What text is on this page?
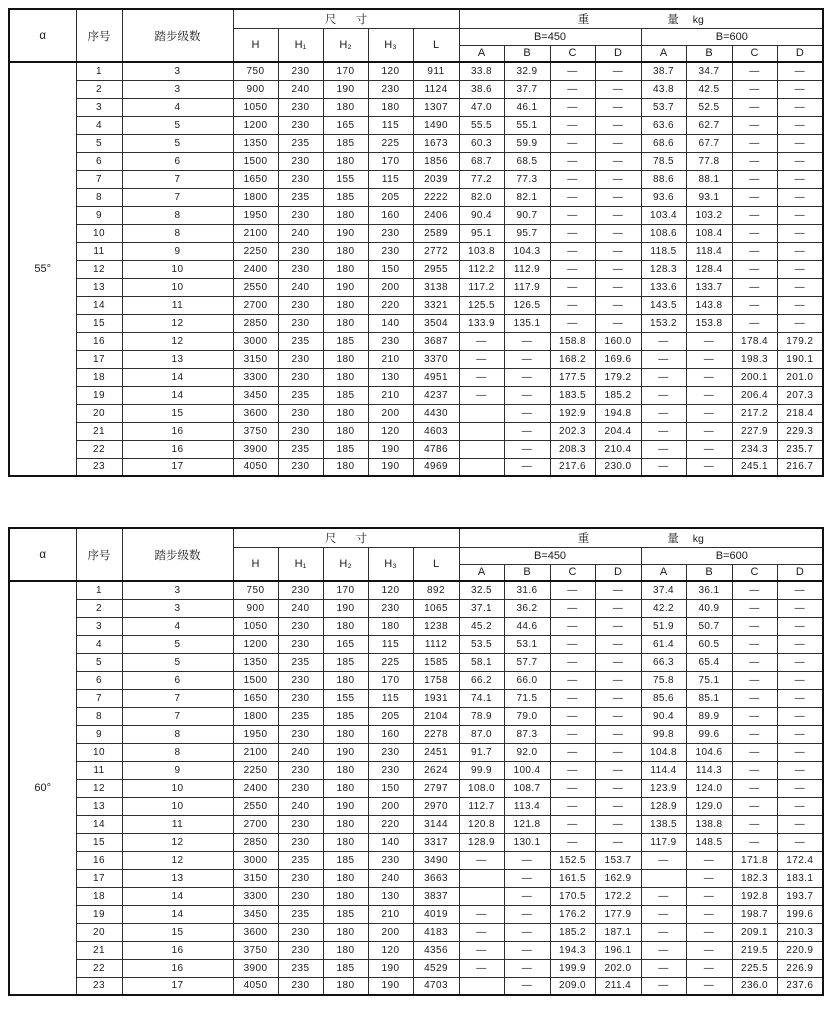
α	序号	踏步级数	尺 寸					重 量 kg							
			H	H₁	H₂	H₃	L	B=450				B=600			
								A	B	C	D	A	B	C	D
55°	1	3	750	230	170	120	911	33.8	32.9	—	—	38.7	34.7	—	—
	2	3	900	240	190	230	1124	38.6	37.7	—	—	43.8	42.5	—	—
	3	4	1050	230	180	180	1307	47.0	46.1	—	—	53.7	52.5	—	—
	4	5	1200	230	165	115	1490	55.5	55.1	—	—	63.6	62.7	—	—
	5	5	1350	235	185	225	1673	60.3	59.9	—	—	68.6	67.7	—	—
	6	6	1500	230	180	170	1856	68.7	68.5	—	—	78.5	77.8	—	—
	7	7	1650	230	155	115	2039	77.2	77.3	—	—	88.6	88.1	—	—
	8	7	1800	235	185	205	2222	82.0	82.1	—	—	93.6	93.1	—	—
	9	8	1950	230	180	160	2406	90.4	90.7	—	—	103.4	103.2	—	—
	10	8	2100	240	190	230	2589	95.1	95.7	—	—	108.6	108.4	—	—
	11	9	2250	230	180	230	2772	103.8	104.3	—	—	118.5	118.4	—	—
	12	10	2400	230	180	150	2955	112.2	112.9	—	—	128.3	128.4	—	—
	13	10	2550	240	190	200	3138	117.2	117.9	—	—	133.6	133.7	—	—
	14	11	2700	230	180	220	3321	125.5	126.5	—	—	143.5	143.8	—	—
	15	12	2850	230	180	140	3504	133.9	135.1	—	—	153.2	153.8	—	—
	16	12	3000	235	185	230	3687	—	—	158.8	160.0	—	—	178.4	179.2
	17	13	3150	230	180	210	3370	—	—	168.2	169.6	—	—	198.3	190.1
	18	14	3300	230	180	130	4951	—	—	177.5	179.2	—	—	200.1	201.0
	19	14	3450	235	185	210	4237	—	—	183.5	185.2	—	—	206.4	207.3
	20	15	3600	230	180	200	4430		—	192.9	194.8	—	—	217.2	218.4
	21	16	3750	230	180	120	4603		—	202.3	204.4	—	—	227.9	229.3
	22	16	3900	235	185	190	4786		—	208.3	210.4	—	—	234.3	235.7
	23	17	4050	230	180	190	4969		—	217.6	230.0	—	—	245.1	216.7
α	序号	踏步级数	尺 寸					重 量 kg							
			H	H₁	H₂	H₃	L	B=450				B=600			
								A	B	C	D	A	B	C	D
60°	1	3	750	230	170	120	892	32.5	31.6	—	—	37.4	36.1	—	—
	2	3	900	240	190	230	1065	37.1	36.2	—	—	42.2	40.9	—	—
	3	4	1050	230	180	180	1238	45.2	44.6	—	—	51.9	50.7	—	—
	4	5	1200	230	165	115	1112	53.5	53.1	—	—	61.4	60.5	—	—
	5	5	1350	235	185	225	1585	58.1	57.7	—	—	66.3	65.4	—	—
	6	6	1500	230	180	170	1758	66.2	66.0	—	—	75.8	75.1	—	—
	7	7	1650	230	155	115	1931	74.1	71.5	—	—	85.6	85.1	—	—
	8	7	1800	235	185	205	2104	78.9	79.0	—	—	90.4	89.9	—	—
	9	8	1950	230	180	160	2278	87.0	87.3	—	—	99.8	99.6	—	—
	10	8	2100	240	190	230	2451	91.7	92.0	—	—	104.8	104.6	—	—
	11	9	2250	230	180	230	2624	99.9	100.4	—	—	114.4	114.3	—	—
	12	10	2400	230	180	150	2797	108.0	108.7	—	—	123.9	124.0	—	—
	13	10	2550	240	190	200	2970	112.7	113.4	—	—	128.9	129.0	—	—
	14	11	2700	230	180	220	3144	120.8	121.8	—	—	138.5	138.8	—	—
	15	12	2850	230	180	140	3317	128.9	130.1	—	—	117.9	148.5	—	—
	16	12	3000	235	185	230	3490	—	—	152.5	153.7	—	—	171.8	172.4
	17	13	3150	230	180	240	3663		—	161.5	162.9		—	182.3	183.1
	18	14	3300	230	180	130	3837		—	170.5	172.2	—	—	192.8	193.7
	19	14	3450	235	185	210	4019	—	—	176.2	177.9	—	—	198.7	199.6
	20	15	3600	230	180	200	4183	—	—	185.2	187.1	—	—	209.1	210.3
	21	16	3750	230	180	120	4356	—	—	194.3	196.1	—	—	219.5	220.9
	22	16	3900	235	185	190	4529	—	—	199.9	202.0	—	—	225.5	226.9
	23	17	4050	230	180	190	4703		—	209.0	211.4	—	—	236.0	237.6
